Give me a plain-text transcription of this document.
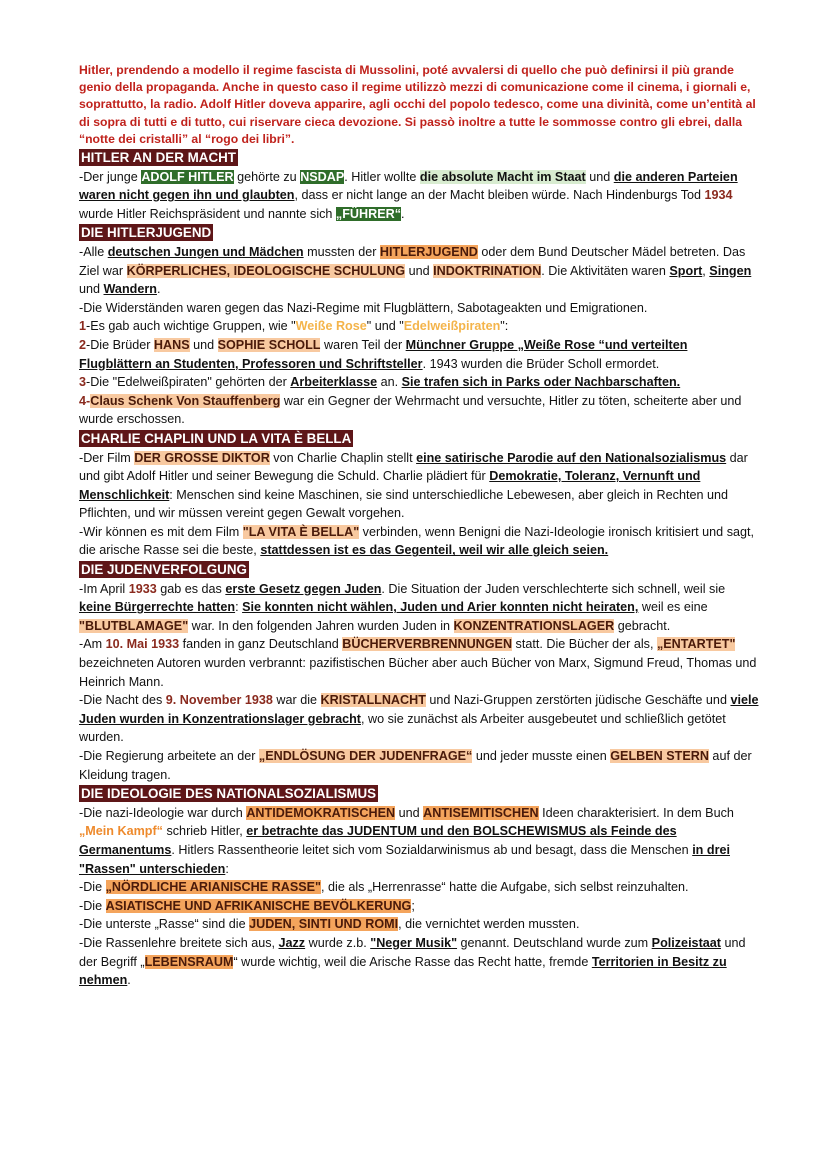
Hitler, prendendo a modello il regime fascista di Mussolini, poté avvalersi di quello che può definirsi il più grande genio della propaganda. Anche in questo caso il regime utilizzò mezzi di comunicazione come il cinema, i giornali e, soprattutto, la radio. Adolf Hitler doveva apparire, agli occhi del popolo tedesco, come una divinità, come un’entità al di sopra di tutti e di tutto, cui riservare cieca devozione. Si passò inoltre a tutte le sommosse contro gli ebrei, dalla “notte dei cristalli” al “rogo dei libri”.

HITLER AN DER MACHT

-Der junge ADOLF HITLER gehörte zu NSDAP. Hitler wollte die absolute Macht im Staat und die anderen Parteien waren nicht gegen ihn und glaubten, dass er nicht lange an der Macht bleiben würde. Nach Hindenburgs Tod 1934 wurde Hitler Reichspräsident und nannte sich „FÜHRER“.

DIE HITLERJUGEND

-Alle deutschen Jungen und Mädchen mussten der HITLERJUGEND oder dem Bund Deutscher Mädel betreten. Das Ziel war KÖRPERLICHES, IDEOLOGISCHE SCHULUNG und INDOKTRINATION. Die Aktivitäten waren Sport, Singen und Wandern.

-Die Widerständen waren gegen das Nazi-Regime mit Flugblättern, Sabotageakten und Emigrationen.

1-Es gab auch wichtige Gruppen, wie "Weiße Rose" und "Edelweißpiraten":

2-Die Brüder HANS und SOPHIE SCHOLL waren Teil der Münchner Gruppe „Weiße Rose “und verteilten Flugblättern an Studenten, Professoren und Schriftsteller. 1943 wurden die Brüder Scholl ermordet.

3-Die "Edelweißpiraten" gehörten der Arbeiterklasse an. Sie trafen sich in Parks oder Nachbarschaften.

4-Claus Schenk Von Stauffenberg war ein Gegner der Wehrmacht und versuchte, Hitler zu töten, scheiterte aber und wurde erschossen.

CHARLIE CHAPLIN UND LA VITA È BELLA

-Der Film DER GROSSE DIKTOR von Charlie Chaplin stellt eine satirische Parodie auf den Nationalsozialismus dar und gibt Adolf Hitler und seiner Bewegung die Schuld. Charlie plädiert für Demokratie, Toleranz, Vernunft und Menschlichkeit: Menschen sind keine Maschinen, sie sind unterschiedliche Lebewesen, aber gleich in Rechten und Pflichten, und wir müssen vereint gegen Gewalt vorgehen.

-Wir können es mit dem Film "LA VITA È BELLA" verbinden, wenn Benigni die Nazi-Ideologie ironisch kritisiert und sagt, die arische Rasse sei die beste, stattdessen ist es das Gegenteil, weil wir alle gleich seien.

DIE JUDENVERFOLGUNG

-Im April 1933 gab es das erste Gesetz gegen Juden. Die Situation der Juden verschlechterte sich schnell, weil sie keine Bürgerrechte hatten: Sie konnten nicht wählen, Juden und Arier konnten nicht heiraten, weil es eine "BLUTBLAMAGE" war. In den folgenden Jahren wurden Juden in KONZENTRATIONSLAGER gebracht.

-Am 10. Mai 1933 fanden in ganz Deutschland BÜCHERVERBRENNUNGEN statt. Die Bücher der als, „ENTARTET" bezeichneten Autoren wurden verbrannt: pazifistischen Bücher aber auch Bücher von Marx, Sigmund Freud, Thomas und Heinrich Mann.

-Die Nacht des 9. November 1938 war die KRISTALLNACHT und Nazi-Gruppen zerstörten jüdische Geschäfte und viele Juden wurden in Konzentrationslager gebracht, wo sie zunächst als Arbeiter ausgebeutet und schließlich getötet wurden.

-Die Regierung arbeitete an der „ENDLÖSUNG DER JUDENFRAGE“ und jeder musste einen GELBEN STERN auf der Kleidung tragen.

DIE IDEOLOGIE DES NATIONALSOZIALISMUS

-Die nazi-Ideologie war durch ANTIDEMOKRATISCHEN und ANTISEMITISCHEN Ideen charakterisiert. In dem Buch „Mein Kampf“ schrieb Hitler, er betrachte das JUDENTUM und den BOLSCHEWISMUS als Feinde des Germanentums. Hitlers Rassentheorie leitet sich vom Sozialdarwinismus ab und besagt, dass die Menschen in drei "Rassen" unterschieden:

-Die „NÖRDLICHE ARIANISCHE RASSE", die als „Herrenrasse“ hatte die Aufgabe, sich selbst reinzuhalten.

-Die ASIATISCHE UND AFRIKANISCHE BEVÖLKERUNG;

-Die unterste „Rasse“ sind die JUDEN, SINTI UND ROMI, die vernichtet werden mussten.

-Die Rassenlehre breitete sich aus, Jazz wurde z.b. "Neger Musik" genannt. Deutschland wurde zum Polizeistaat und der Begriff „LEBENSRAUM“ wurde wichtig, weil die Arische Rasse das Recht hatte, fremde Territorien in Besitz zu nehmen.
